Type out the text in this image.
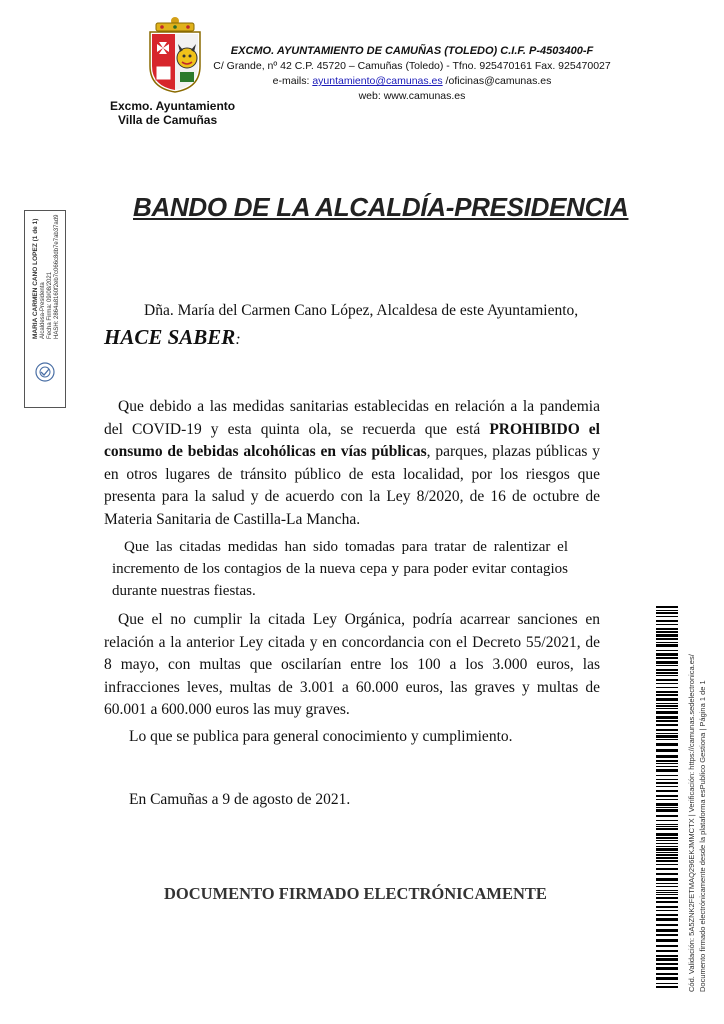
Excmo. Ayuntamiento
Villa de Camuñas
EXCMO. AYUNTAMIENTO DE CAMUÑAS (TOLEDO) C.I.F. P-4503400-F
C/ Grande, nº 42 C.P. 45720 – Camuñas (Toledo) - Tfno. 925470161 Fax. 925470027
e-mails: ayuntamiento@camunas.es /oficinas@camunas.es
web: www.camunas.es
MARIA CARMEN CANO LOPEZ (1 de 1) Alcaldesa-Presidenta Fecha Firma: 09/08/2021 HASH: 2864a8160f2eb7c066c8db7e7ab37ad9
BANDO DE LA ALCALDÍA-PRESIDENCIA
Dña. María del Carmen Cano López, Alcaldesa de este Ayuntamiento,
HACE SABER:
Que debido a las medidas sanitarias establecidas en relación a la pandemia del COVID-19 y esta quinta ola, se recuerda que está PROHIBIDO el consumo de bebidas alcohólicas en vías públicas, parques, plazas públicas y en otros lugares de tránsito público de esta localidad, por los riesgos que presenta para la salud y de acuerdo con la Ley 8/2020, de 16 de octubre de Materia Sanitaria de Castilla-La Mancha.
Que las citadas medidas han sido tomadas para tratar de ralentizar el incremento de los contagios de la nueva cepa y para poder evitar contagios durante nuestras fiestas.
Que el no cumplir la citada Ley Orgánica, podría acarrear sanciones en relación a la anterior Ley citada y en concordancia con el Decreto 55/2021, de 8 mayo, con multas que oscilarían entre los 100 a los 3.000 euros, las infracciones leves, multas de 3.001 a 60.000 euros, las graves y multas de 60.001 a 600.000 euros las muy graves.
Lo que se publica para general conocimiento y cumplimiento.
En Camuñas a 9 de agosto de 2021.
DOCUMENTO FIRMADO ELECTRÓNICAMENTE	Cód. Validación: 5A5ZNK2FETMAQ296EKJMMCTX | Verificación: https://camunas.sedelectronica.es/ Documento firmado electrónicamente desde la plataforma esPublico Gestiona | Página 1 de 1
